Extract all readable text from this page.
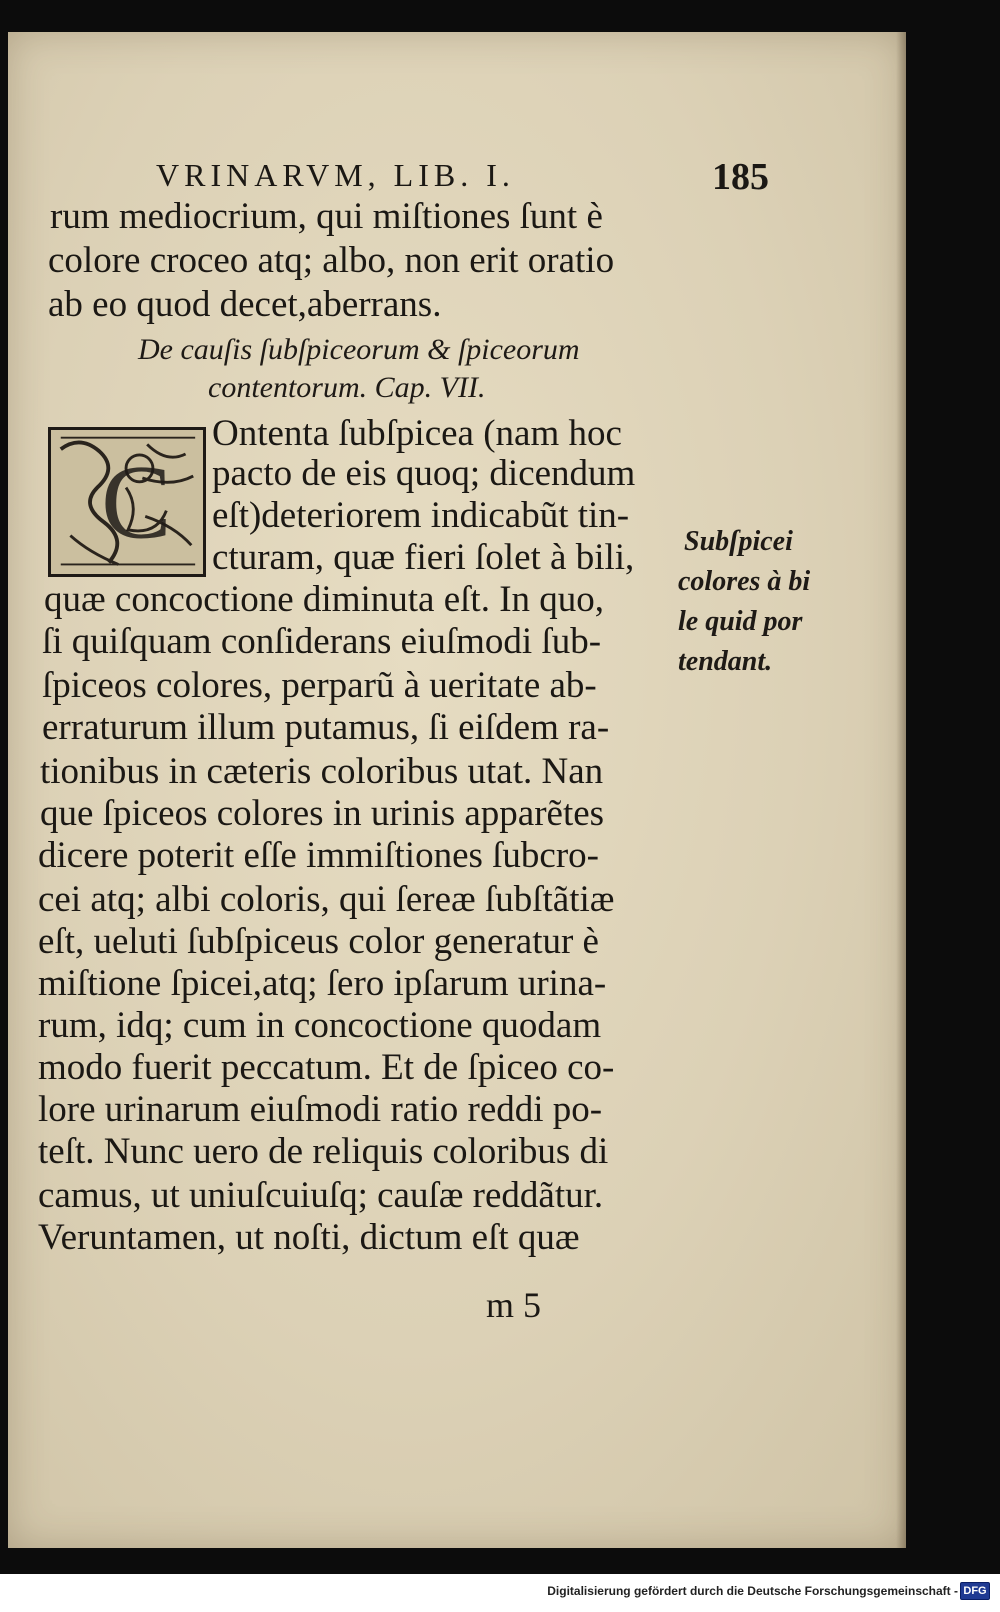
VRINARVM, LIB. I.	185
rum mediocrium, qui miſtiones ſunt è
colore croceo atq; albo, non erit oratio
ab eo quod decet,aberrans.
De cauſis ſubſpiceorum & ſpiceorum
contentorum. Cap. VII.
C
Ontenta ſubſpicea (nam hoc
pacto de eis quoq; dicendum
eſt)deteriorem indicabũt tin-
cturam, quæ fieri ſolet à bili,
quæ concoctione diminuta eſt. In quo,
ſi quiſquam conſiderans eiuſmodi ſub-
ſpiceos colores, perparũ à ueritate ab-
erraturum illum putamus, ſi eiſdem ra-
tionibus in cæteris coloribus utat. Nan
que ſpiceos colores in urinis apparẽtes
dicere poterit eſſe immiſtiones ſubcro-
cei atq; albi coloris, qui ſereæ ſubſtãtiæ
eſt, ueluti ſubſpiceus color generatur è
miſtione ſpicei,atq; ſero ipſarum urina-
rum, idq; cum in concoctione quodam
modo fuerit peccatum. Et de ſpiceo co-
lore urinarum eiuſmodi ratio reddi po-
teſt. Nunc uero de reliquis coloribus di
camus, ut uniuſcuiuſq; cauſæ reddãtur.
Veruntamen, ut noſti, dictum eſt quæ
Subſpicei
colores à bi
le quid por
tendant.
m 5
Digitalisierung gefördert durch die Deutsche Forschungsgemeinschaft - DFG
